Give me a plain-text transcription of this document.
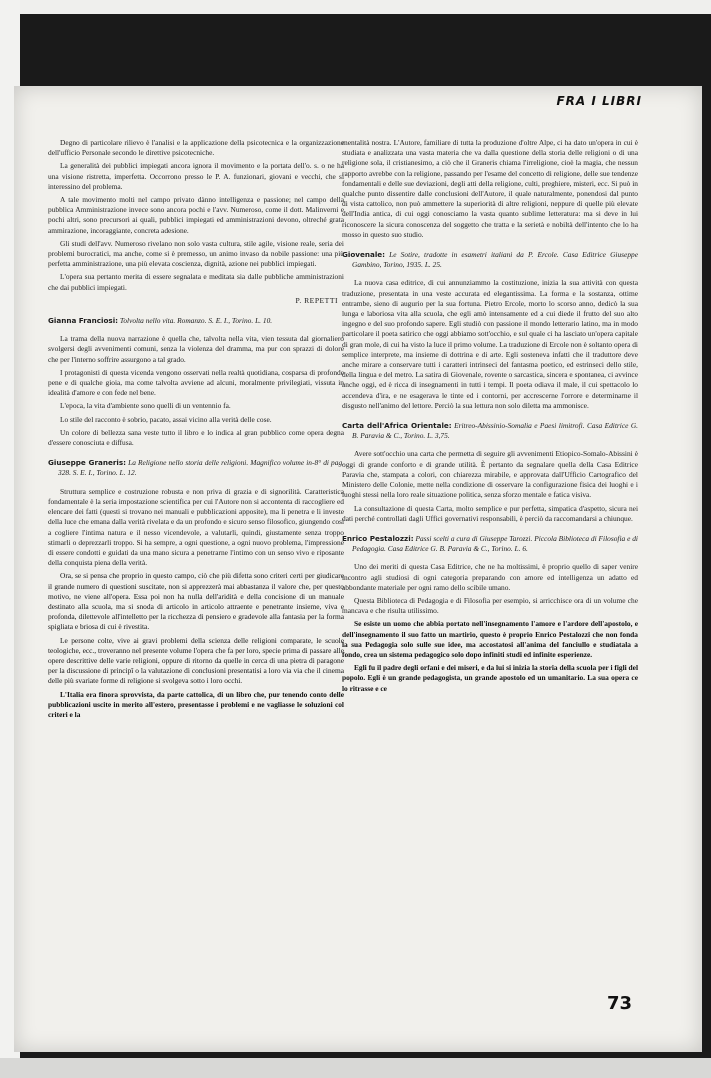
FRA I LIBRI

Degno di particolare rilievo è l'analisi e la applicazione della psicotecnica e la organizzazione dell'ufficio Personale secondo le direttive psicotecniche.

La generalità dei pubblici impiegati ancora ignora il movimento e la portata dell'o. s. o ne ha una visione ristretta, imperfetta. Occorrono presso le P. A. funzionari, giovani e vecchi, che si interessino del problema.

A tale movimento molti nel campo privato dànno intelligenza e passione; nel campo della pubblica Amministrazione invece sono ancora pochi e l'avv. Numeroso, come il dott. Malinverni e pochi altri, sono precursori ai quali, pubblici impiegati ed amministrazioni devono, oltreché grata ammirazione, incoraggiante, concreta adesione.

Gli studi dell'avv. Numeroso rivelano non solo vasta cultura, stile agile, visione reale, seria dei problemi burocratici, ma anche, come si è premesso, un animo invaso da nobile passione: una più perfetta amministrazione, una più elevata coscienza, dignità, azione nei pubblici impiegati.

L'opera sua pertanto merita di essere segnalata e meditata sia dalle pubbliche amministrazioni che dai pubblici impiegati.

P. REPETTI

Gianna Franciosi: Tolvolta nello vita. Romanzo. S. E. I., Torino. L. 10.

La trama della nuova narrazione è quella che, talvolta nella vita, vien tessuta dal giornaliero svolgersi degli avvenimenti comuni, senza la violenza del dramma, ma pur con sprazzi di dolore che per l'interno soffrire assurgono a tal grado.

I protagonisti di questa vicenda vengono osservati nella realtà quotidiana, cosparsa di profonde pene e di qualche gioia, ma come talvolta avviene ad alcuni, moralmente privilegiati, vissuta in idealità d'amore e con fede nel bene.

L'epoca, la vita d'ambiente sono quelli di un ventennio fa.

Lo stile del racconto è sobrio, pacato, assai vicino alla verità delle cose.

Un colore di bellezza sana veste tutto il libro e lo indica al gran pubblico come opera degna d'essere conosciuta e diffusa.

Giuseppe Graneris: La Religione nello storia delle religioni. Magnifico volume in-8° di pag. 328. S. E. I., Torino. L. 12.

Struttura semplice e costruzione robusta e non priva di grazia e di signorilità. Caratteristica fondamentale è la seria impostazione scientifica per cui l'Autore non si accontenta di raccogliere ed elencare dei fatti (questi si trovano nei manuali e pubblicazioni apposite), ma li penetra e li investe della luce che emana dalla verità rivelata e da un profondo e sicuro senso filosofico, giungendo così a cogliere l'intima natura e il nesso vicendevole, a valutarli, quindi, giustamente senza troppo stimarli o deprezzarli troppo. Si ha sempre, a ogni questione, a ogni nuovo problema, l'impressione di essere condotti e guidati da una mano sicura a penetrarne l'intimo con un senso vivo e riposante della conquista piena della verità.

Ora, se si pensa che proprio in questo campo, ciò che più difetta sono criteri certi per giudicare il grande numero di questioni suscitate, non si apprezzerà mai abbastanza il valore che, per questo motivo, ne viene all'opera. Essa poi non ha nulla dell'aridità e della concisione di un manuale destinato alla scuola, ma si snoda di articolo in articolo attraente e penetrante insieme, viva e profonda, dilettevole all'intelletto per la ricchezza di pensiero e gradevole alla fantasia per la forma spigliata e briosa di cui è rivestita.

Le persone colte, vive ai gravi problemi della scienza delle religioni comparate, le scuole teologiche, ecc., troveranno nel presente volume l'opera che fa per loro, specie prima di passare alle opere descrittive delle varie religioni, oppure di ritorno da quelle in cerca di una pietra di paragone per la discussione di principî o la valutazione di conclusioni presentatisi a loro via via che il cinema delle più svariate forme di religione si svolgeva sotto i loro occhi.

L'Italia era finora sprovvista, da parte cattolica, di un libro che, pur tenendo conto delle pubblicazioni uscite in merito all'estero, presentasse i problemi e ne vagliasse le soluzioni col criteri e la

mentalità nostra. L'Autore, familiare di tutta la produzione d'oltre Alpe, ci ha dato un'opera in cui è studiata e analizzata una vasta materia che va dalla questione della storia delle religioni o di una religione sola, il cristianesimo, a ciò che il Graneris chiama l'irreligione, cioè la magia, che nessun rapporto avrebbe con la religione, passando per l'esame del concetto di religione, delle sue tendenze fondamentali e delle sue deviazioni, degli atti della religione, culti, preghiere, misteri, ecc. Si può in qualche punto dissentire dalle conclusioni dell'Autore, il quale naturalmente, ponendosi dal punto di vista cattolico, non può ammettere la superiorità di altre religioni, neppure di quelle più elevate dell'India antica, di cui oggi conosciamo la vasta quanto sublime letteratura: ma si deve in lui riconoscere la sicura conoscenza del soggetto che tratta e la serietà e nobiltà dell'intento che lo ha mosso in questo suo studio.

Giovenale: Le Sotire, tradotte in esametri italiani da P. Ercole. Casa Editrice Giuseppe Gambino, Torino, 1935. L. 25.

La nuova casa editrice, di cui annunziammo la costituzione, inizia la sua attività con questa traduzione, presentata in una veste accurata ed elegantissima. La forma e la sostanza, ottime entrambe, sieno di augurio per la sua fortuna. Pietro Ercole, morto lo scorso anno, dedicò la sua lunga e laboriosa vita alla scuola, che egli amò intensamente ed a cui diede il frutto del suo alto ingegno e del suo profondo sapere. Egli studiò con passione il mondo letterario latino, ma in modo particolare il poeta satirico che oggi abbiamo sott'occhio, e sul quale ci ha lasciato un'opera capitale di gran mole, di cui ha visto la luce il primo volume. La traduzione di Ercole non è soltanto opera di semplice interprete, ma insieme di dottrina e di arte. Egli sosteneva infatti che il traduttore deve anche mirare a conservare tutti i caratteri intrinseci del fantasma poetico, ed estrinseci dello stile, della lingua e del metro. La satira di Giovenale, rovente o sarcastica, sincera e spontanea, ci avvince anche oggi, ed è ricca di insegnamenti in tutti i tempi. Il poeta odiava il male, il cui spettacolo lo accendeva d'ira, e ne esagerava le tinte ed i contorni, per accrescerne l'orrore e determinarne il disgusto nell'animo del lettore. Perciò la sua lettura non solo diletta ma ammonisce.

Carta dell'Africa Orientale: Eritreo-Abissinio-Somalia e Paesi limitrofi. Casa Editrice G. B. Paravia & C., Torino. L. 3,75.

Avere sott'occhio una carta che permetta di seguire gli avvenimenti Etiopico-Somalo-Abissini è oggi di grande conforto e di grande utilità. È pertanto da segnalare quella della Casa Editrice Paravia che, stampata a colori, con chiarezza mirabile, e approvata dall'Ufficio Cartografico del Ministero delle Colonie, mette nella condizione di osservare la configurazione fisica dei luoghi e i luoghi stessi nella loro reale situazione politica, senza sforzo mentale e fatica visiva.

La consultazione di questa Carta, molto semplice e pur perfetta, simpatica d'aspetto, sicura nei dati perché controllati dagli Uffici governativi responsabili, è perciò da raccomandarsi a chiunque.

Enrico Pestalozzi: Passi scelti a cura di Giuseppe Tarozzi. Piccola Biblioteca di Filosofia e di Pedagogia. Casa Editrice G. B. Paravia & C., Torino. L. 6.

Uno dei meriti di questa Casa Editrice, che ne ha moltissimi, è proprio quello di saper venire incontro agli studiosi di ogni categoria preparando con amore ed intelligenza un adatto ed abbondante materiale per ogni ramo dello scibile umano.

Questa Biblioteca di Pedagogia e di Filosofia per esempio, si arricchisce ora di un volume che mancava e che risulta utilissimo.

Se esiste un uomo che abbia portato nell'insegnamento l'amore e l'ardore dell'apostolo, e dell'insegnamento il suo fatto un martirio, questo è proprio Enrico Pestalozzi che non fonda la sua Pedagogia solo sulle sue idee, ma accostatosi all'anima del fanciullo e studiatala a fondo, crea un sistema pedagogico solo dopo infiniti studi ed infinite esperienze.

Egli fu il padre degli orfani e dei miseri, e da lui si inizia la storia della scuola per i figli del popolo. Egli è un grande pedagogista, un grande apostolo ed un umanitario. La sua opera ce lo ritrasse e ce

73
